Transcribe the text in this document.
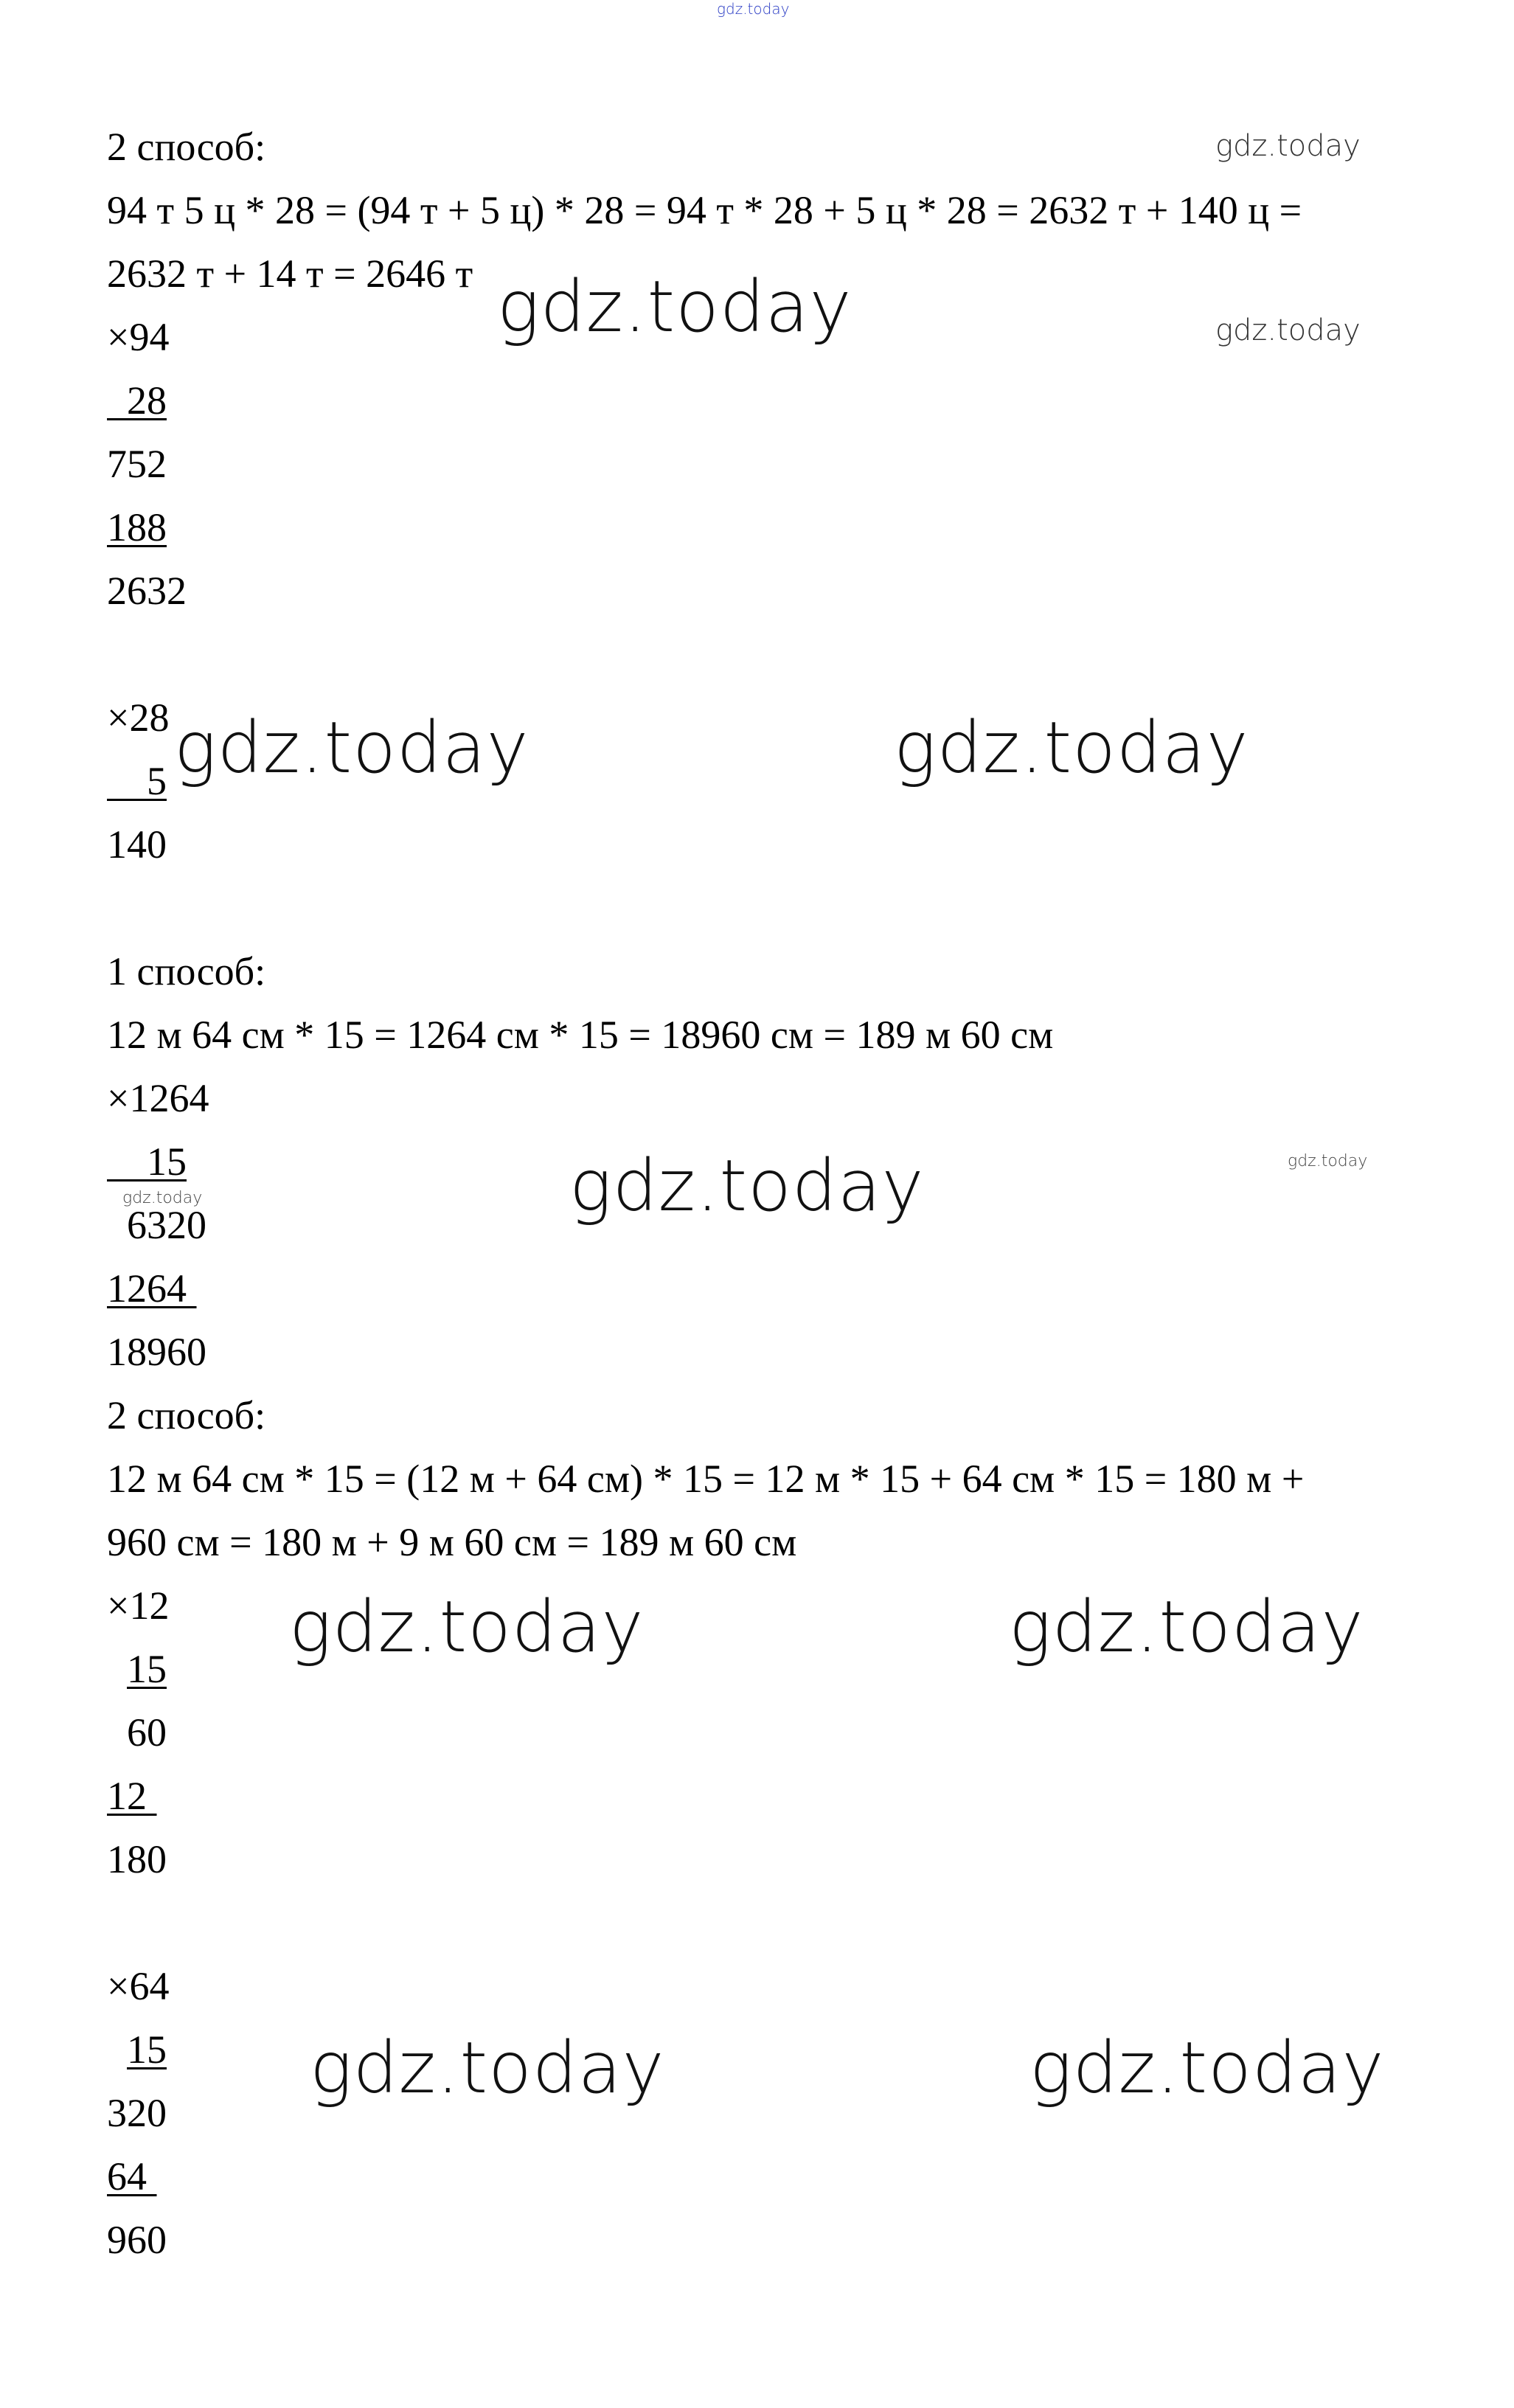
gdz.today
2 способ:
94 т 5 ц * 28 = (94 т + 5 ц) * 28 = 94 т * 28 + 5 ц * 28 = 2632 т + 140 ц =
2632 т + 14 т = 2646 т
×94
28
752
188
2632
×28
5
140
1 способ:
12 м 64 см * 15 = 1264 см * 15 = 18960 см = 189 м 60 см
×1264
15
6320
1264
18960
2 способ:
12 м 64 см * 15 = (12 м + 64 см) * 15 = 12 м * 15 + 64 см * 15 = 180 м +
960 см = 180 м + 9 м 60 см = 189 м 60 см
×12
15
60
12
180
×64
15
320
64
960
gdz.today
gdz.today	gdz.today
gdz.today	gdz.today
gdz.today
gdz.today
gdz.today
gdz.today	gdz.today
gdz.today	gdz.today
